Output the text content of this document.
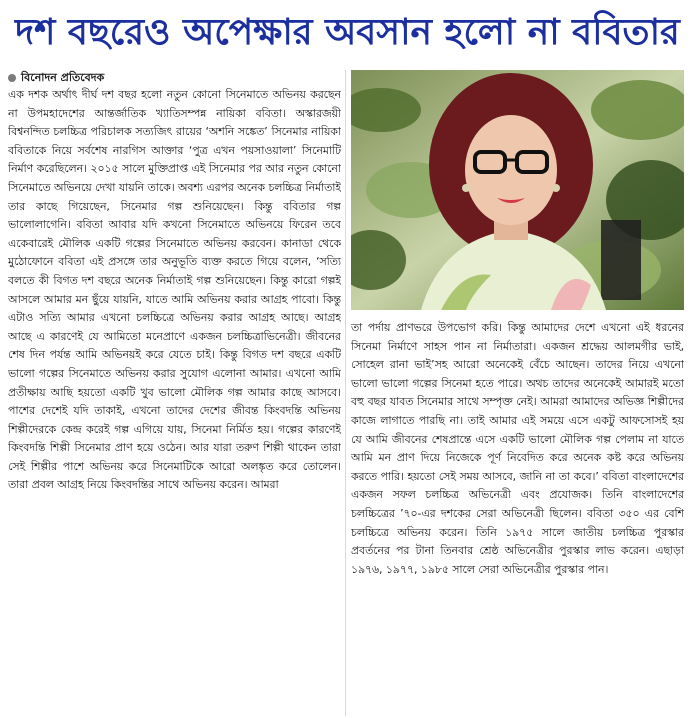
দশ বছরেও অপেক্ষার অবসান হলো না ববিতার
বিনোদন প্রতিবেদক
এক দশক অর্থাৎ দীর্ঘ দশ বছর হলো নতুন কোনো সিনেমাতে অভিনয় করছেন না উপমহাদেশের আন্তর্জাতিক খ্যাতিসম্পন্ন নায়িকা ববিতা। অস্কারজয়ী বিশ্বনন্দিত চলচ্চিত্র পরিচালক সত্যজিৎ রায়ের ‘অশনি সঙ্কেত’ সিনেমার নায়িকা ববিতাকে নিয়ে সর্বশেষ নারগিস আক্তার ‘পুত্র এখন পয়সাওয়ালা’ সিনেমাটি নির্মাণ করেছিলেন। ২০১৫ সালে মুক্তিপ্রাপ্ত এই সিনেমার পর আর নতুন কোনো সিনেমাতে অভিনয়ে দেখা যায়নি তাকে। অবশ্য এরপর অনেক চলচ্চিত্র নির্মাতাই তার কাছে গিয়েছেন, সিনেমার গল্প শুনিয়েছেন। কিন্তু ববিতার গল্প ভালোলাগেনি। ববিতা আবার যদি কখনো সিনেমাতে অভিনয়ে ফিরেন তবে একেবারেই মৌলিক একটি গল্পের সিনেমাতে অভিনয় করবেন। কানাডা থেকে মুঠোফোনে ববিতা এই প্রসঙ্গে তার অনুভূতি ব্যক্ত করতে গিয়ে বলেন, ‘সত্যি বলতে কী বিগত দশ বছরে অনেক নির্মাতাই গল্প শুনিয়েছেন। কিন্তু কারো গল্পই আসলে আমার মন ছুঁয়ে যায়নি, যাতে আমি অভিনয় করার আগ্রহ পাবো। কিন্তু এটাও সত্যি আমার এখনো চলচ্চিত্রে অভিনয় করার আগ্রহ আছে। আগ্রহ আছে এ কারণেই যে আমিতো মনেপ্রাণে একজন চলচ্চিত্রাভিনেত্রী। জীবনের শেষ দিন পর্যন্ত আমি অভিনয়ই করে যেতে চাই। কিন্তু বিগত দশ বছরে একটি ভালো গল্পের সিনেমাতে অভিনয় করার সুযোগ এলোনা আমার। এখনো আমি প্রতীক্ষায় আছি হয়তো একটি খুব ভালো মৌলিক গল্প আমার কাছে আসবে। পাশের দেশেই যদি তাকাই, এখনো তাদের দেশের জীবন্ত কিংবদন্তি অভিনয় শিল্পীদেরকে কেন্দ্র করেই গল্প এগিয়ে যায়, সিনেমা নির্মিত হয়। গল্পের কারণেই কিংবদন্তি শিল্পী সিনেমার প্রাণ হয়ে ওঠেন। আর যারা তরুণ শিল্পী থাকেন তারা সেই শিল্পীর পাশে অভিনয় করে সিনেমাটিকে আরো অলঙ্কৃত করে তোলেন। তারা প্রবল আগ্রহ নিয়ে কিংবদন্তির সাথে অভিনয় করেন। আমরা
তা পর্দায় প্রাণভরে উপভোগ করি। কিন্তু আমাদের দেশে এখনো এই ধরনের সিনেমা নির্মাণে সাহস পান না নির্মাতারা। একজন শ্রদ্ধেয় আলমগীর ভাই, সোহেল রানা ভাই’সহ আরো অনেকেই বেঁচে আছেন। তাদের নিয়ে এখনো ভালো ভালো গল্পের সিনেমা হতে পারে। অথচ তাদের অনেকেই আমারই মতো বহু বছর যাবত সিনেমার সাথে সম্পৃক্ত নেই। আমরা আমাদের অভিজ্ঞ শিল্পীদের কাজে লাগাতে পারছি না। তাই আমার এই সময়ে এসে একটু আফসোসই হয় যে আমি জীবনের শেষপ্রান্তে এসে একটি ভালো মৌলিক গল্প পেলাম না যাতে আমি মন প্রাণ দিয়ে নিজেকে পূর্ণ নিবেদিত করে অনেক কষ্ট করে অভিনয় করতে পারি। হয়তো সেই সময় আসবে, জানি না তা কবে।’ ববিতা বাংলাদেশের একজন সফল চলচ্চিত্র অভিনেত্রী এবং প্রযোজক। তিনি বাংলাদেশের চলচ্চিত্রের ’৭০-এর দশকের সেরা অভিনেত্রী ছিলেন। ববিতা ৩৫০ এর বেশি চলচ্চিত্রে অভিনয় করেন। তিনি ১৯৭৫ সালে জাতীয় চলচ্চিত্র পুরস্কার প্রবর্তনের পর টানা তিনবার শ্রেষ্ঠ অভিনেত্রীর পুরস্কার লাভ করেন। এছাড়া ১৯৭৬, ১৯৭৭, ১৯৮৫ সালে সেরা অভিনেত্রীর পুরস্কার পান।
